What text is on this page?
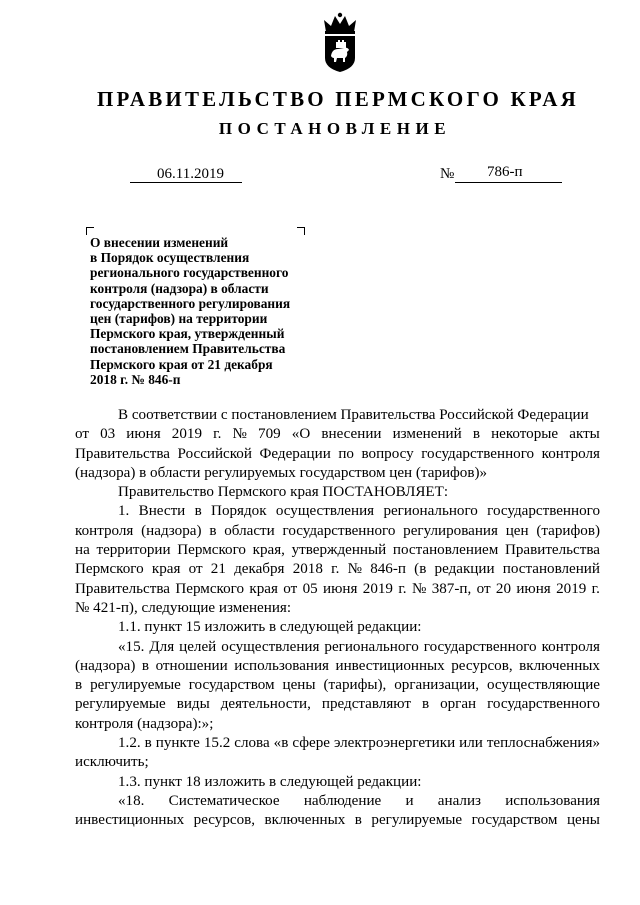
ПРАВИТЕЛЬСТВО ПЕРМСКОГО КРАЯ
ПОСТАНОВЛЕНИЕ
06.11.2019	№ 786-п
О внесении изменений
в Порядок осуществления
регионального государственного
контроля (надзора) в области
государственного регулирования
цен (тарифов) на территории
Пермского края, утвержденный
постановлением Правительства
Пермского края от 21 декабря
2018 г. № 846-п
В соответствии с постановлением Правительства Российской Федерации
от 03 июня 2019 г. № 709 «О внесении изменений в некоторые акты
Правительства Российской Федерации по вопросу государственного контроля
(надзора) в области регулируемых государством цен (тарифов)»
Правительство Пермского края ПОСТАНОВЛЯЕТ:
1. Внести в Порядок осуществления регионального государственного
контроля (надзора) в области государственного регулирования цен (тарифов)
на территории Пермского края, утвержденный постановлением Правительства
Пермского края от 21 декабря 2018 г. № 846-п (в редакции постановлений
Правительства Пермского края от 05 июня 2019 г. № 387-п, от 20 июня 2019 г.
№ 421-п), следующие изменения:
1.1. пункт 15 изложить в следующей редакции:
«15. Для целей осуществления регионального государственного контроля
(надзора) в отношении использования инвестиционных ресурсов, включенных
в регулируемые государством цены (тарифы), организации, осуществляющие
регулируемые виды деятельности, представляют в орган государственного
контроля (надзора):»;
1.2. в пункте 15.2 слова «в сфере электроэнергетики или теплоснабжения»
исключить;
1.3. пункт 18 изложить в следующей редакции:
«18. Систематическое наблюдение и анализ использования
инвестиционных ресурсов, включенных в регулируемые государством цены
